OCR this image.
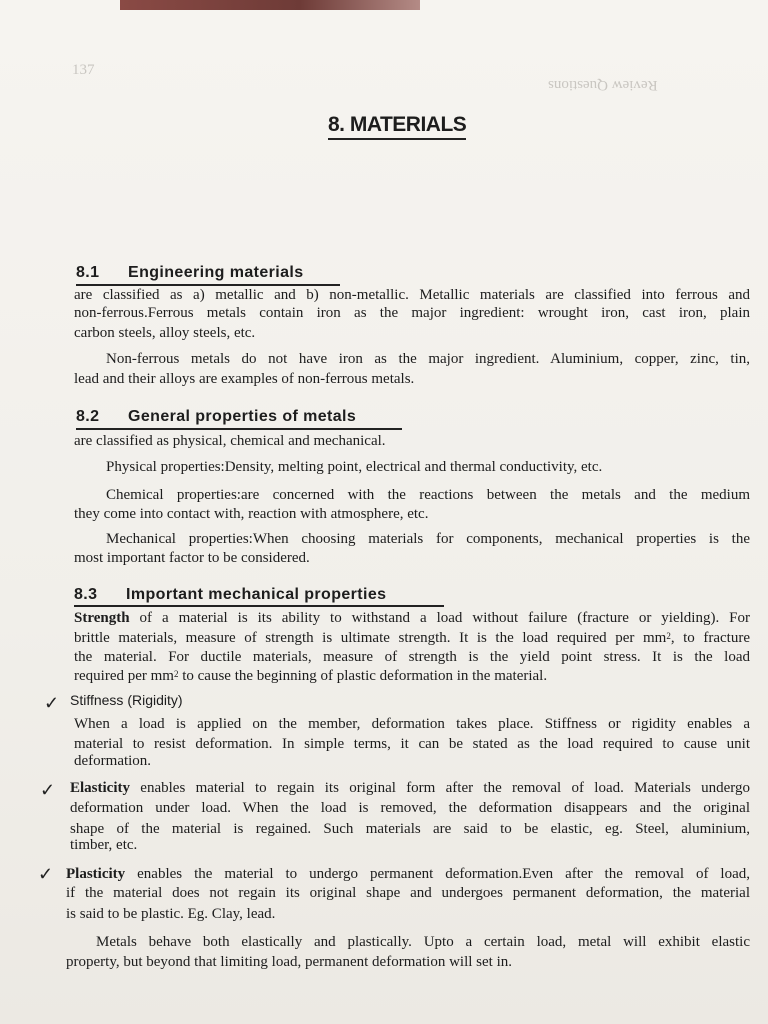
137
Review Questions
8. MATERIALS
8.1 Engineering materials
are classified as a) metallic and b) non-metallic. Metallic materials are classified into ferrous and
non-ferrous.Ferrous metals contain iron as the major ingredient: wrought iron, cast iron, plain
carbon steels, alloy steels, etc.
Non-ferrous metals do not have iron as the major ingredient. Aluminium, copper, zinc, tin,
lead and their alloys are examples of non-ferrous metals.
8.2 General properties of metals
are classified as physical, chemical and mechanical.
Physical properties:Density, melting point, electrical and thermal conductivity, etc.
Chemical properties:are concerned with the reactions between the metals and the medium
they come into contact with, reaction with atmosphere, etc.
Mechanical properties:When choosing materials for components, mechanical properties is the
most important factor to be considered.
8.3 Important mechanical properties
Strength of a material is its ability to withstand a load without failure (fracture or yielding). For
brittle materials, measure of strength is ultimate strength. It is the load required per $mm^2$, to fracture
the material. For ductile materials, measure of strength is the yield point stress. It is the load
required per $mm^2$ to cause the beginning of plastic deformation in the material.
✓ Stiffness (Rigidity)
When a load is applied on the member, deformation takes place. Stiffness or rigidity enables a
material to resist deformation. In simple terms, it can be stated as the load required to cause unit
deformation.
✓ Elasticity enables material to regain its original form after the removal of load. Materials undergo
deformation under load. When the load is removed, the deformation disappears and the original
shape of the material is regained. Such materials are said to be elastic, eg. Steel, aluminium,
timber, etc.
✓ Plasticity enables the material to undergo permanent deformation.Even after the removal of load,
if the material does not regain its original shape and undergoes permanent deformation, the material
is said to be plastic. Eg. Clay, lead.
Metals behave both elastically and plastically. Upto a certain load, metal will exhibit elastic
property, but beyond that limiting load, permanent deformation will set in.
